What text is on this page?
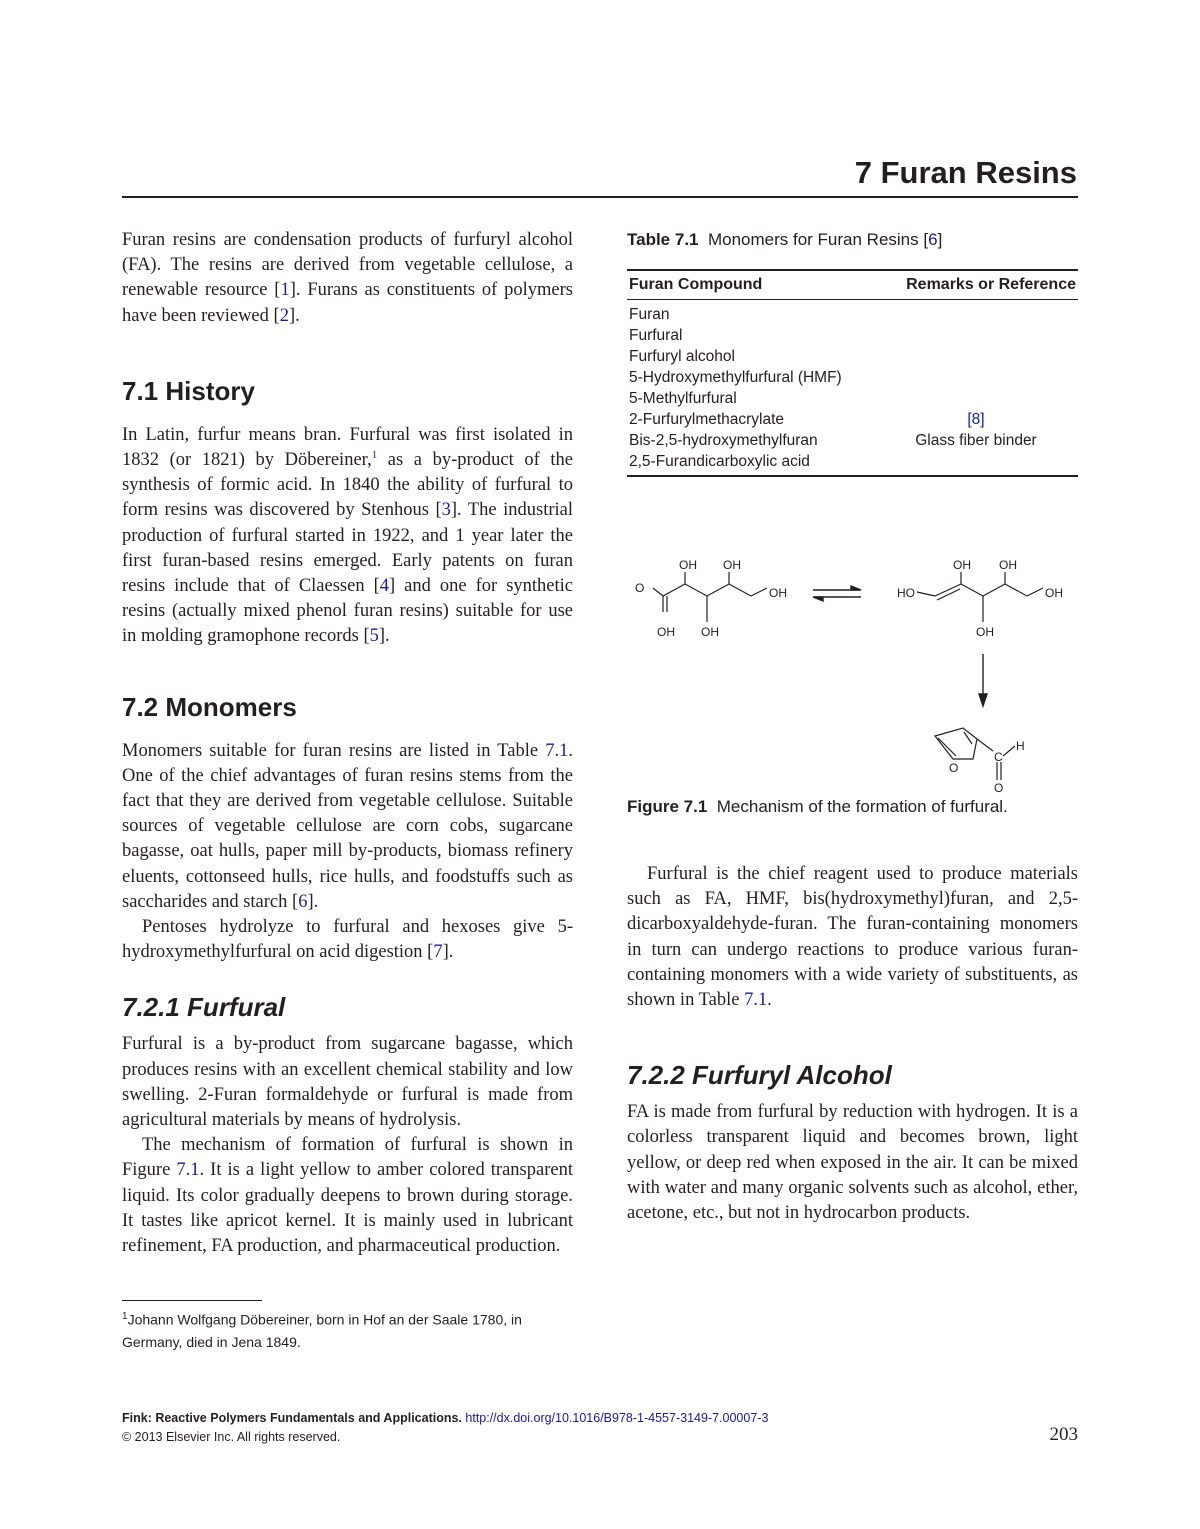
7 Furan Resins

Furan resins are condensation products of furfuryl alcohol (FA). The resins are derived from vegetable cellulose, a renewable resource [1]. Furans as constituents of polymers have been reviewed [2].

7.1 History

In Latin, furfur means bran. Furfural was first isolated in 1832 (or 1821) by Döbereiner,$^1$ as a by-product of the synthesis of formic acid. In 1840 the ability of furfural to form resins was discovered by Stenhous [3]. The industrial production of furfural started in 1922, and 1 year later the first furan-based resins emerged. Early patents on furan resins include that of Claessen [4] and one for synthetic resins (actually mixed phenol furan resins) suitable for use in molding gramophone records [5].

7.2 Monomers

Monomers suitable for furan resins are listed in Table 7.1. One of the chief advantages of furan resins stems from the fact that they are derived from vegetable cellulose. Suitable sources of vegetable cellulose are corn cobs, sugarcane bagasse, oat hulls, paper mill by-products, biomass refinery eluents, cottonseed hulls, rice hulls, and foodstuffs such as saccharides and starch [6].

Pentoses hydrolyze to furfural and hexoses give 5-hydroxymethylfurfural on acid digestion [7].

7.2.1 Furfural

Furfural is a by-product from sugarcane bagasse, which produces resins with an excellent chemical stability and low swelling. 2-Furan formaldehyde or furfural is made from agricultural materials by means of hydrolysis.

The mechanism of formation of furfural is shown in Figure 7.1. It is a light yellow to amber colored transparent liquid. Its color gradually deepens to brown during storage. It tastes like apricot kernel. It is mainly used in lubricant refinement, FA production, and pharmaceutical production.

Table 7.1 Monomers for Furan Resins [6]

Furan Compound	Remarks or Reference
Furan	
Furfural	
Furfuryl alcohol	
5-Hydroxymethylfurfural (HMF)	
5-Methylfurfural	
2-Furfurylmethacrylate	[8]
Bis-2,5-hydroxymethylfuran	Glass fiber binder
2,5-Furandicarboxylic acid	
O
OH
OH
OH
OH
OH	HO
OH OH
OH
OH
O
C
H
O
Figure 7.1 Mechanism of the formation of furfural.

Furfural is the chief reagent used to produce materials such as FA, HMF, bis(hydroxymethyl)furan, and 2,5-dicarboxyaldehyde-furan. The furan-containing monomers in turn can undergo reactions to produce various furan-containing monomers with a wide variety of substituents, as shown in Table 7.1.

7.2.2 Furfuryl Alcohol

FA is made from furfural by reduction with hydrogen. It is a colorless transparent liquid and becomes brown, light yellow, or deep red when exposed in the air. It can be mixed with water and many organic solvents such as alcohol, ether, acetone, etc., but not in hydrocarbon products.

$^1$Johann Wolfgang Döbereiner, born in Hof an der Saale 1780, in Germany, died in Jena 1849.
Fink: Reactive Polymers Fundamentals and Applications. http://dx.doi.org/10.1016/B978-1-4557-3149-7.00007-3
© 2013 Elsevier Inc. All rights reserved.	203
